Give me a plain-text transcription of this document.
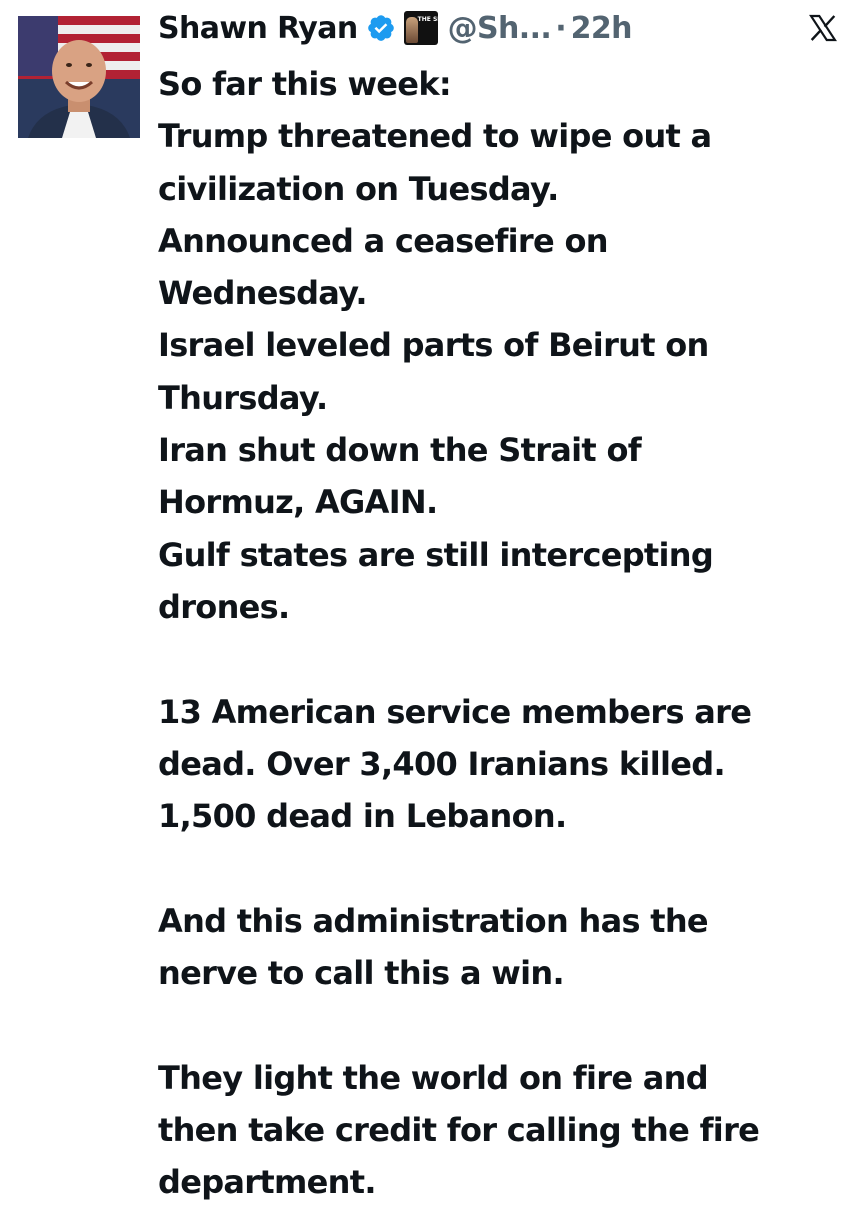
Shawn Ryan	THE SHOW
@Sh... · 22h
So far this week:
Trump threatened to wipe out a
civilization on Tuesday.
Announced a ceasefire on
Wednesday.
Israel leveled parts of Beirut on
Thursday.
Iran shut down the Strait of
Hormuz, AGAIN.
Gulf states are still intercepting
drones.
13 American service members are
dead. Over 3,400 Iranians killed.
1,500 dead in Lebanon.
And this administration has the
nerve to call this a win.
They light the world on fire and
then take credit for calling the fire
department.
